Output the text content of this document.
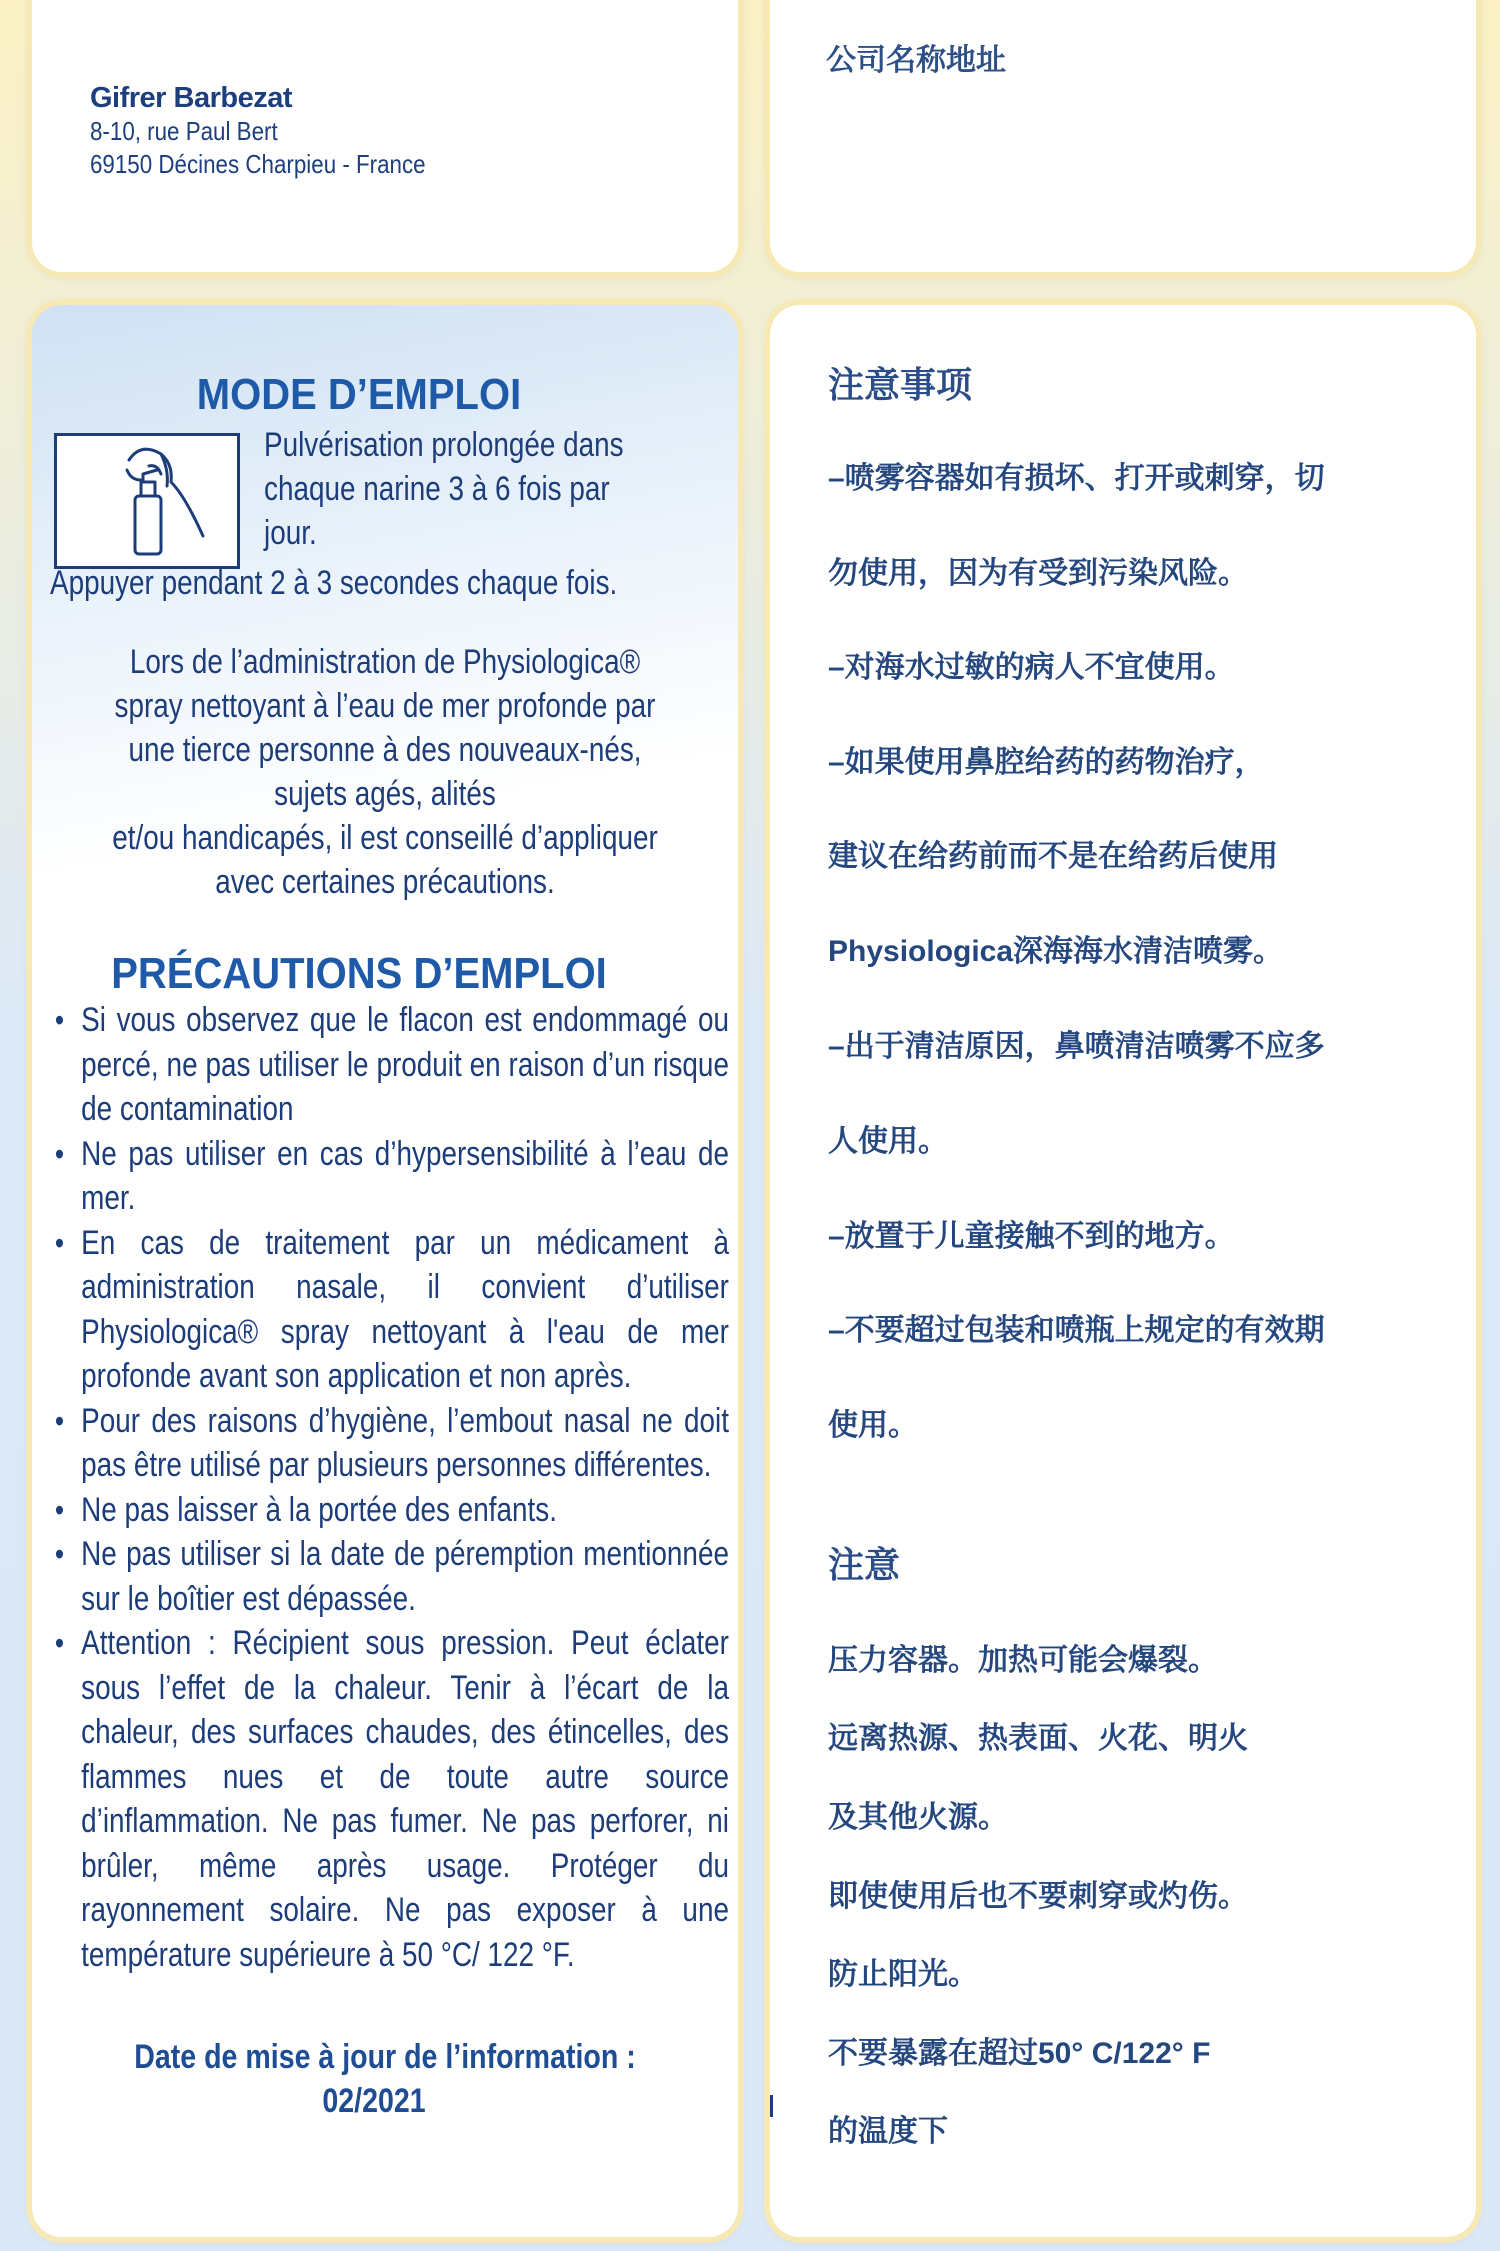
Gifrer Barbezat
8-10, rue Paul Bert
69150 Décines Charpieu - France
公司名称地址
MODE D’EMPLOI
Pulvérisation prolongée dans
chaque narine 3 à 6 fois par
jour.
Appuyer pendant 2 à 3 secondes chaque fois.
Lors de l’administration de Physiologica®
spray nettoyant à l’eau de mer profonde par
une tierce personne à des nouveaux-nés,
sujets agés, alités
et/ou handicapés, il est conseillé d’appliquer
avec certaines précautions.
PRÉCAUTIONS D’EMPLOI
• Si vous observez que le flacon est endommagé ou percé, ne pas utiliser le produit en raison d’un risque de contamination
• Ne pas utiliser en cas d’hypersensibilité à l’eau de mer.
• En cas de traitement par un médicament à administration nasale, il convient d’utiliser Physiologica® spray nettoyant à l'eau de mer profonde avant son application et non après.
• Pour des raisons d’hygiène, l’embout nasal ne doit pas être utilisé par plusieurs personnes différentes.
• Ne pas laisser à la portée des enfants.
• Ne pas utiliser si la date de péremption mentionnée sur le boîtier est dépassée.
• Attention : Récipient sous pression. Peut éclater sous l’effet de la chaleur. Tenir à l’écart de la chaleur, des surfaces chaudes, des étincelles, des flammes nues et de toute autre source d’inflammation. Ne pas fumer. Ne pas perforer, ni brûler, même après usage. Protéger du rayonnement solaire. Ne pas exposer à une température supérieure à 50 °C/ 122 °F.
Date de mise à jour de l’information :
02/2021
注意事项
–喷雾容器如有损坏、打开或刺穿，切
勿使用，因为有受到污染风险。
–对海水过敏的病人不宜使用。
–如果使用鼻腔给药的药物治疗，
建议在给药前而不是在给药后使用
Physiologica深海海水清洁喷雾。
–出于清洁原因，鼻喷清洁喷雾不应多
人使用。
–放置于儿童接触不到的地方。
–不要超过包装和喷瓶上规定的有效期
使用。
注意
压力容器。加热可能会爆裂。
远离热源、热表面、火花、明火
及其他火源。
即使使用后也不要刺穿或灼伤。
防止阳光。
不要暴露在超过50° C/122° F
的温度下
